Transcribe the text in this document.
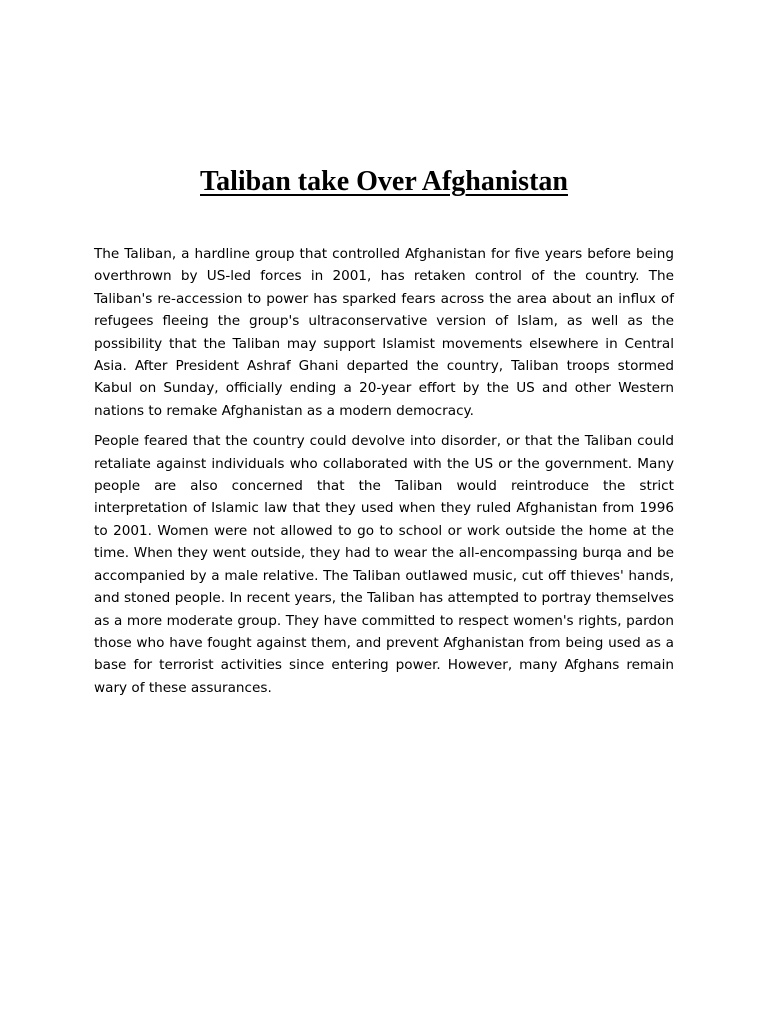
Taliban take Over Afghanistan

The Taliban, a hardline group that controlled Afghanistan for five years before being overthrown by US-led forces in 2001, has retaken control of the country. The Taliban's re-accession to power has sparked fears across the area about an influx of refugees fleeing the group's ultraconservative version of Islam, as well as the possibility that the Taliban may support Islamist movements elsewhere in Central Asia. After President Ashraf Ghani departed the country, Taliban troops stormed Kabul on Sunday, officially ending a 20-year effort by the US and other Western nations to remake Afghanistan as a modern democracy.

People feared that the country could devolve into disorder, or that the Taliban could retaliate against individuals who collaborated with the US or the government. Many people are also concerned that the Taliban would reintroduce the strict interpretation of Islamic law that they used when they ruled Afghanistan from 1996 to 2001. Women were not allowed to go to school or work outside the home at the time. When they went outside, they had to wear the all-encompassing burqa and be accompanied by a male relative. The Taliban outlawed music, cut off thieves' hands, and stoned people. In recent years, the Taliban has attempted to portray themselves as a more moderate group. They have committed to respect women's rights, pardon those who have fought against them, and prevent Afghanistan from being used as a base for terrorist activities since entering power. However, many Afghans remain wary of these assurances.
